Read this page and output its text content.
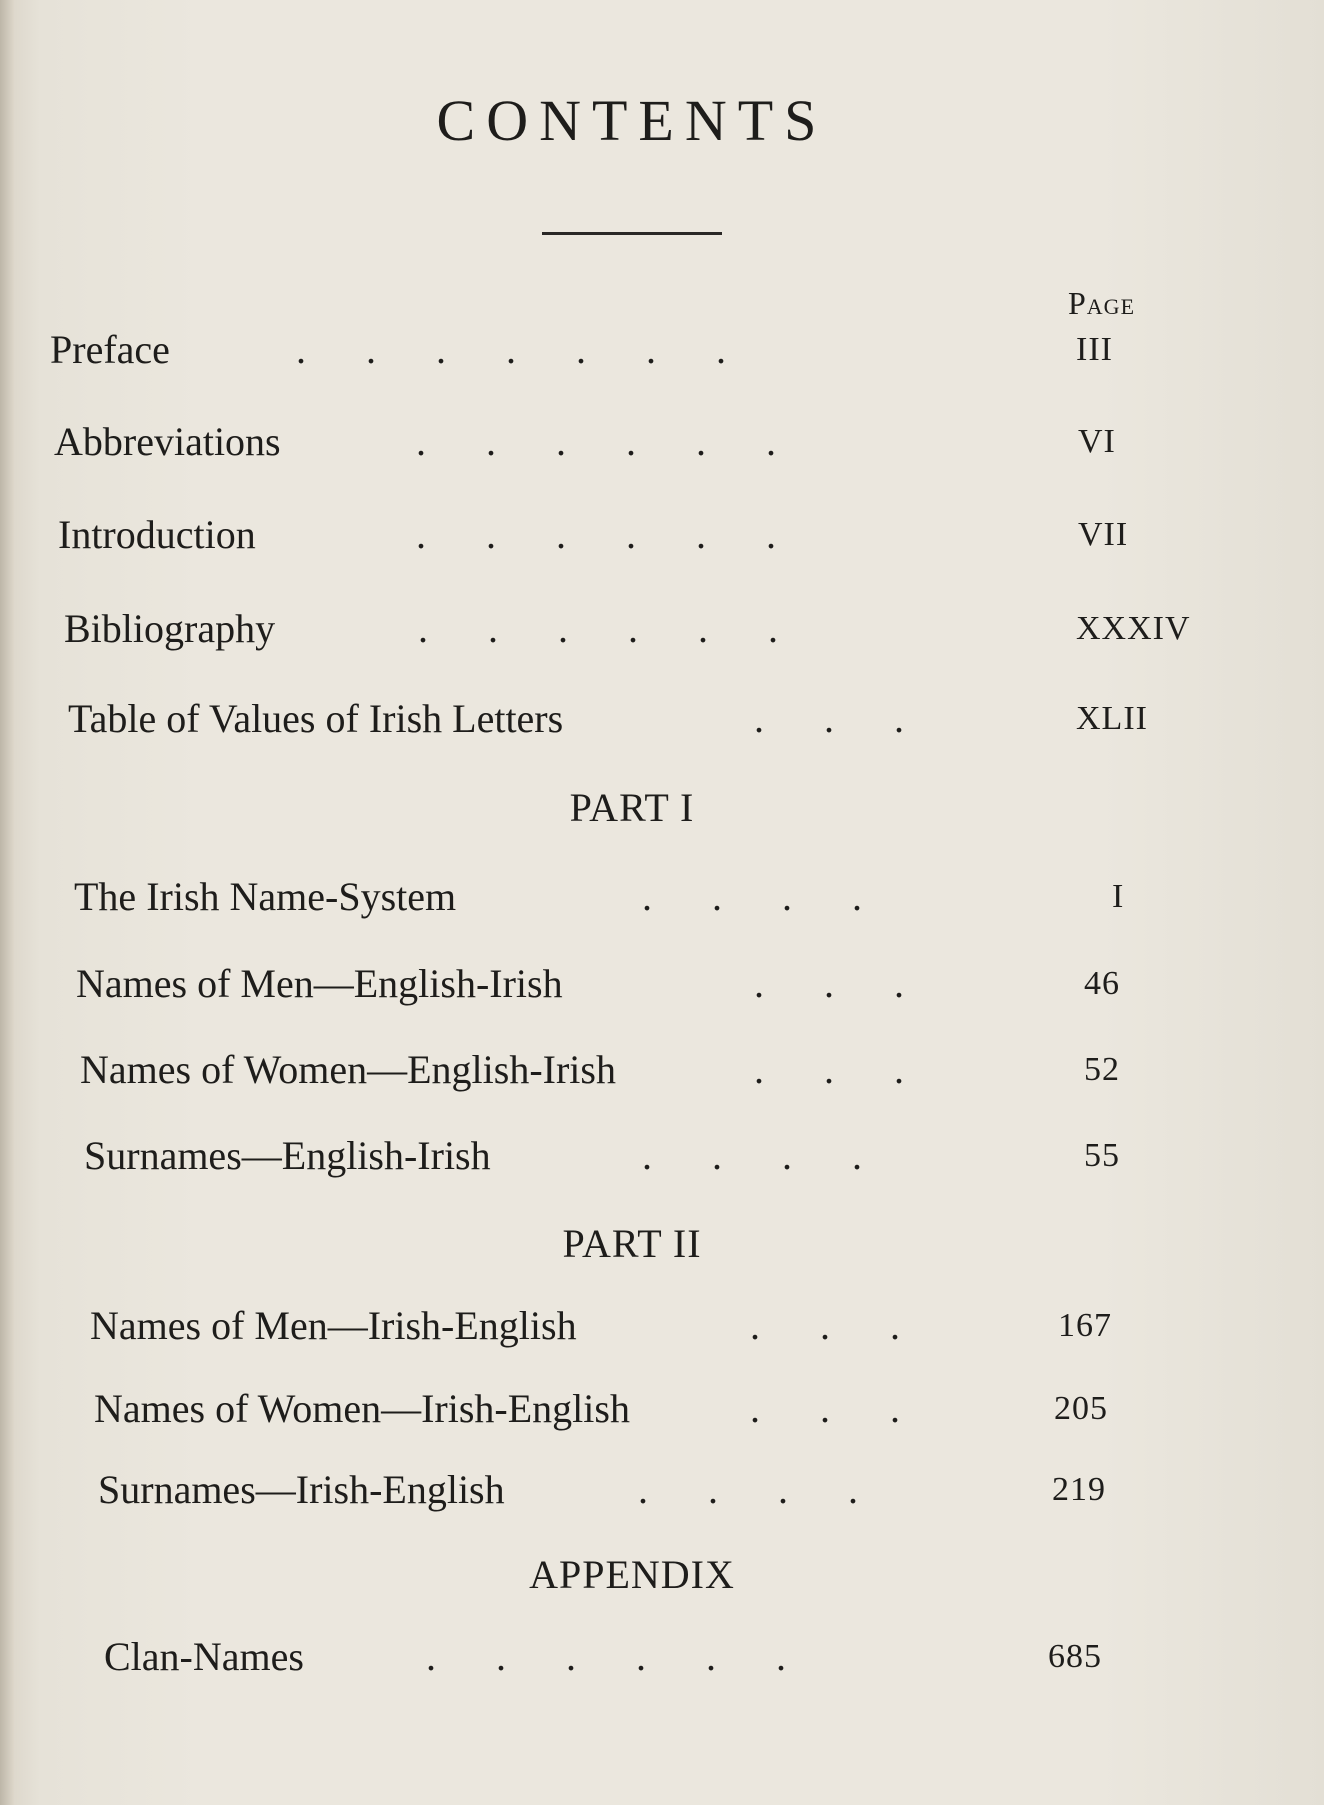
CONTENTS
Page
Preface	.  .  .  .  .  .  .	III
Abbreviations	.  .  .  .  .  .	VI
Introduction	.  .  .  .  .  .	VII
Bibliography	.  .  .  .  .  .	XXXIV
Table of Values of Irish Letters	.  .  .	XLII
PART I
The Irish Name-System	.  .  .  .	I
Names of Men—English-Irish	.  .  .	46
Names of Women—English-Irish	.  .  .	52
Surnames—English-Irish	.  .  .  .	55
PART II
Names of Men—Irish-English	.  .  .	167
Names of Women—Irish-English	.  .  .	205
Surnames—Irish-English	.  .  .  .	219
APPENDIX
Clan-Names	.  .  .  .  .  .	685
